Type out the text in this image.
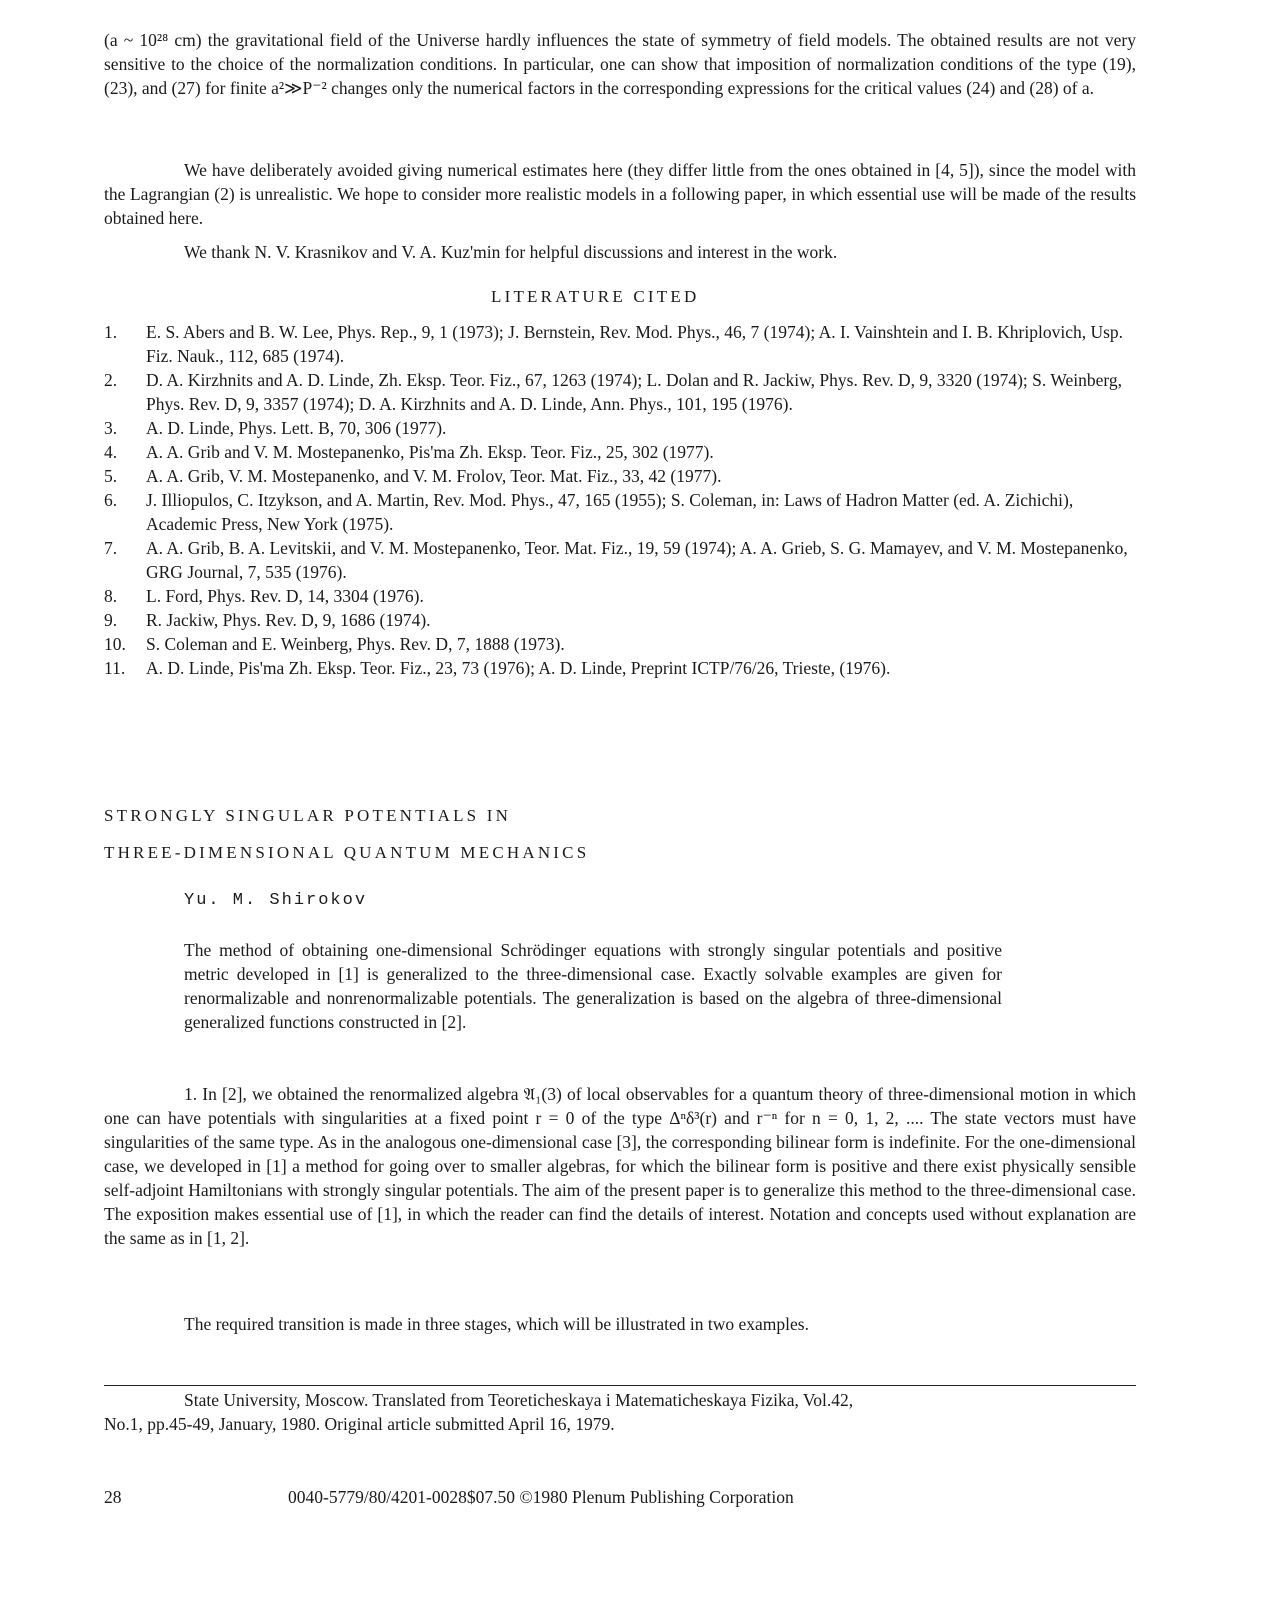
(a ~ 10²⁸ cm) the gravitational field of the Universe hardly influences the state of symmetry of field models. The obtained results are not very sensitive to the choice of the normalization conditions. In particular, one can show that imposition of normalization conditions of the type (19), (23), and (27) for finite a²≫P⁻² changes only the numerical factors in the corresponding expressions for the critical values (24) and (28) of a.

We have deliberately avoided giving numerical estimates here (they differ little from the ones obtained in [4, 5]), since the model with the Lagrangian (2) is unrealistic. We hope to consider more realistic models in a following paper, in which essential use will be made of the results obtained here.

We thank N. V. Krasnikov and V. A. Kuz'min for helpful discussions and interest in the work.

LITERATURE CITED
1.	E. S. Abers and B. W. Lee, Phys. Rep., 9, 1 (1973); J. Bernstein, Rev. Mod. Phys., 46, 7 (1974); A. I. Vainshtein and I. B. Khriplovich, Usp. Fiz. Nauk., 112, 685 (1974).
2.	D. A. Kirzhnits and A. D. Linde, Zh. Eksp. Teor. Fiz., 67, 1263 (1974); L. Dolan and R. Jackiw, Phys. Rev. D, 9, 3320 (1974); S. Weinberg, Phys. Rev. D, 9, 3357 (1974); D. A. Kirzhnits and A. D. Linde, Ann. Phys., 101, 195 (1976).
3.	A. D. Linde, Phys. Lett. B, 70, 306 (1977).
4.	A. A. Grib and V. M. Mostepanenko, Pis'ma Zh. Eksp. Teor. Fiz., 25, 302 (1977).
5.	A. A. Grib, V. M. Mostepanenko, and V. M. Frolov, Teor. Mat. Fiz., 33, 42 (1977).
6.	J. Illiopulos, C. Itzykson, and A. Martin, Rev. Mod. Phys., 47, 165 (1955); S. Coleman, in: Laws of Hadron Matter (ed. A. Zichichi), Academic Press, New York (1975).
7.	A. A. Grib, B. A. Levitskii, and V. M. Mostepanenko, Teor. Mat. Fiz., 19, 59 (1974); A. A. Grieb, S. G. Mamayev, and V. M. Mostepanenko, GRG Journal, 7, 535 (1976).
8.	L. Ford, Phys. Rev. D, 14, 3304 (1976).
9.	R. Jackiw, Phys. Rev. D, 9, 1686 (1974).
10.	S. Coleman and E. Weinberg, Phys. Rev. D, 7, 1888 (1973).
11.	A. D. Linde, Pis'ma Zh. Eksp. Teor. Fiz., 23, 73 (1976); A. D. Linde, Preprint ICTP/76/26, Trieste, (1976).
STRONGLY SINGULAR POTENTIALS IN
THREE-DIMENSIONAL QUANTUM MECHANICS
Yu. M. Shirokov

The method of obtaining one-dimensional Schrödinger equations with strongly singular potentials and positive metric developed in [1] is generalized to the three-dimensional case. Exactly solvable examples are given for renormalizable and nonrenormalizable potentials. The generalization is based on the algebra of three-dimensional generalized functions constructed in [2].

1. In [2], we obtained the renormalized algebra 𝔄₁(3) of local observables for a quantum theory of three-dimensional motion in which one can have potentials with singularities at a fixed point r = 0 of the type Δⁿδ³(r) and r⁻ⁿ for n = 0, 1, 2, .... The state vectors must have singularities of the same type. As in the analogous one-dimensional case [3], the corresponding bilinear form is indefinite. For the one-dimensional case, we developed in [1] a method for going over to smaller algebras, for which the bilinear form is positive and there exist physically sensible self-adjoint Hamiltonians with strongly singular potentials. The aim of the present paper is to generalize this method to the three-dimensional case. The exposition makes essential use of [1], in which the reader can find the details of interest. Notation and concepts used without explanation are the same as in [1, 2].

The required transition is made in three stages, which will be illustrated in two examples.

State University, Moscow. Translated from Teoreticheskaya i Matematicheskaya Fizika, Vol.42,
No.1, pp.45-49, January, 1980. Original article submitted April 16, 1979.
28	0040-5779/80/4201-0028$07.50 ©1980 Plenum Publishing Corporation
